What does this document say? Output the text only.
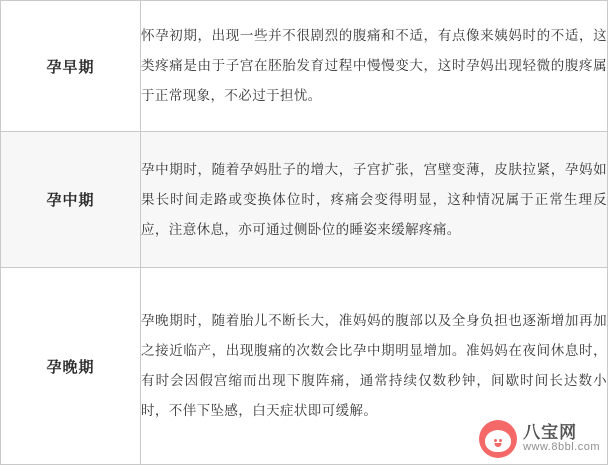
孕早期	怀孕初期，出现一些并不很剧烈的腹痛和不适，有点像来姨妈时的不适，这类疼痛是由于子宫在胚胎发育过程中慢慢变大，这时孕妈出现轻微的腹疼属于正常现象，不必过于担忧。

孕中期	孕中期时，随着孕妈肚子的增大，子宫扩张，宫壁变薄，皮肤拉紧，孕妈如果长时间走路或变换体位时，疼痛会变得明显，这种情况属于正常生理反应，注意休息，亦可通过侧卧位的睡姿来缓解疼痛。

孕晚期	孕晚期时，随着胎儿不断长大，准妈妈的腹部以及全身负担也逐渐增加再加之接近临产，出现腹痛的次数会比孕中期明显增加。准妈妈在夜间休息时，有时会因假宫缩而出现下腹阵痛，通常持续仅数秒钟，间歇时间长达数小时，不伴下坠感，白天症状即可缓解。
八宝网
www.8bbl.com
